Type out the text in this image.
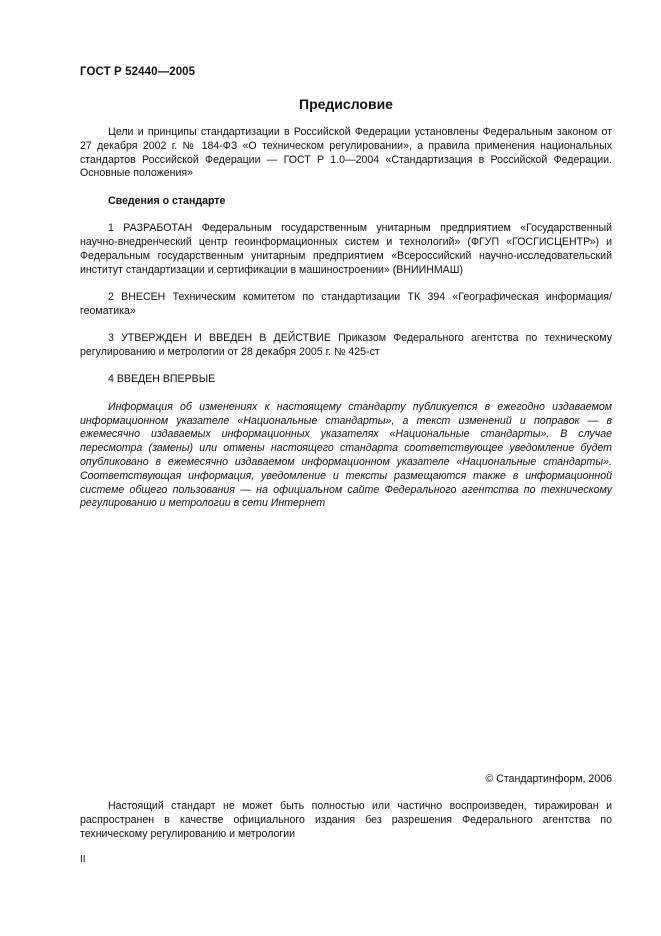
ГОСТ Р 52440—2005
Предисловие

Цели и принципы стандартизации в Российской Федерации установлены Федеральным законом от 27 декабря 2002 г. № 184-ФЗ «О техническом регулировании», а правила применения национальных стандартов Российской Федерации — ГОСТ Р 1.0—2004 «Стандартизация в Российской Федерации. Основные положения»

Сведения о стандарте

1 РАЗРАБОТАН Федеральным государственным унитарным предприятием «Государственный научно-внедренческий центр геоинформационных систем и технологий» (ФГУП «ГОСГИСЦЕНТР») и Федеральным государственным унитарным предприятием «Всероссийский научно-исследовательский институт стандартизации и сертификации в машиностроении» (ВНИИНМАШ)

2 ВНЕСЕН Техническим комитетом по стандартизации ТК 394 «Географическая информация/геоматика»

3 УТВЕРЖДЕН И ВВЕДЕН В ДЕЙСТВИЕ Приказом Федерального агентства по техническому регулированию и метрологии от 28 декабря 2005 г. № 425-ст

4 ВВЕДЕН ВПЕРВЫЕ

Информация об изменениях к настоящему стандарту публикуется в ежегодно издаваемом информационном указателе «Национальные стандарты», а текст изменений и поправок — в ежемесячно издаваемых информационных указателях «Национальные стандарты». В случае пересмотра (замены) или отмены настоящего стандарта соответствующее уведомление будет опубликовано в ежемесячно издаваемом информационном указателе «Национальные стандарты». Соответствующая информация, уведомление и тексты размещаются также в информационной системе общего пользования — на официальном сайте Федерального агентства по техническому регулированию и метрологии в сети Интернет

© Стандартинформ, 2006

Настоящий стандарт не может быть полностью или частично воспроизведен, тиражирован и распространен в качестве официального издания без разрешения Федерального агентства по техническому регулированию и метрологии

II
